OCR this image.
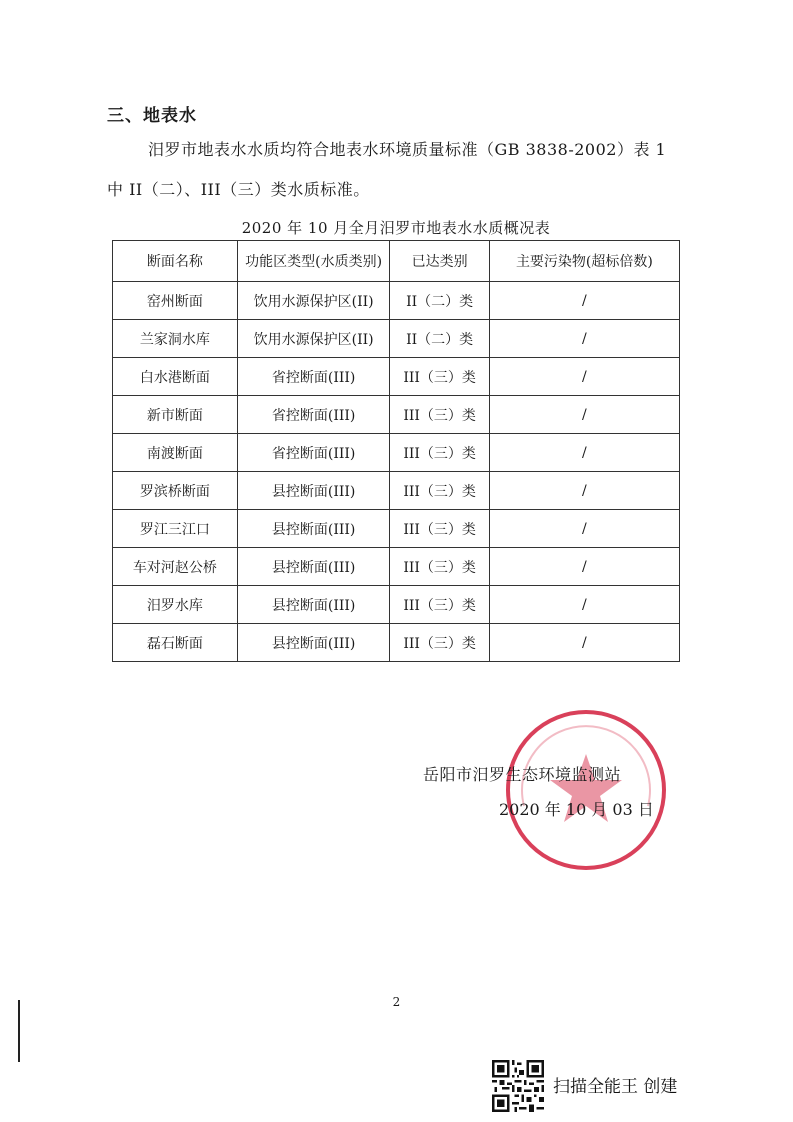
三、地表水
汨罗市地表水水质均符合地表水环境质量标准（GB 3838-2002）表 1
中 II（二）、III（三）类水质标准。
2020 年 10 月全月汨罗市地表水水质概况表
断面名称	功能区类型(水质类别)	已达类别	主要污染物(超标倍数)
窑州断面	饮用水源保护区(II)	II（二）类	/
兰家洞水库	饮用水源保护区(II)	II（二）类	/
白水港断面	省控断面(III)	III（三）类	/
新市断面	省控断面(III)	III（三）类	/
南渡断面	省控断面(III)	III（三）类	/
罗滨桥断面	县控断面(III)	III（三）类	/
罗江三江口	县控断面(III)	III（三）类	/
车对河赵公桥	县控断面(III)	III（三）类	/
汨罗水库	县控断面(III)	III（三）类	/
磊石断面	县控断面(III)	III（三）类	/
岳阳市汨罗生态环境监测站
2020 年 10 月 03 日
2
扫描全能王 创建
